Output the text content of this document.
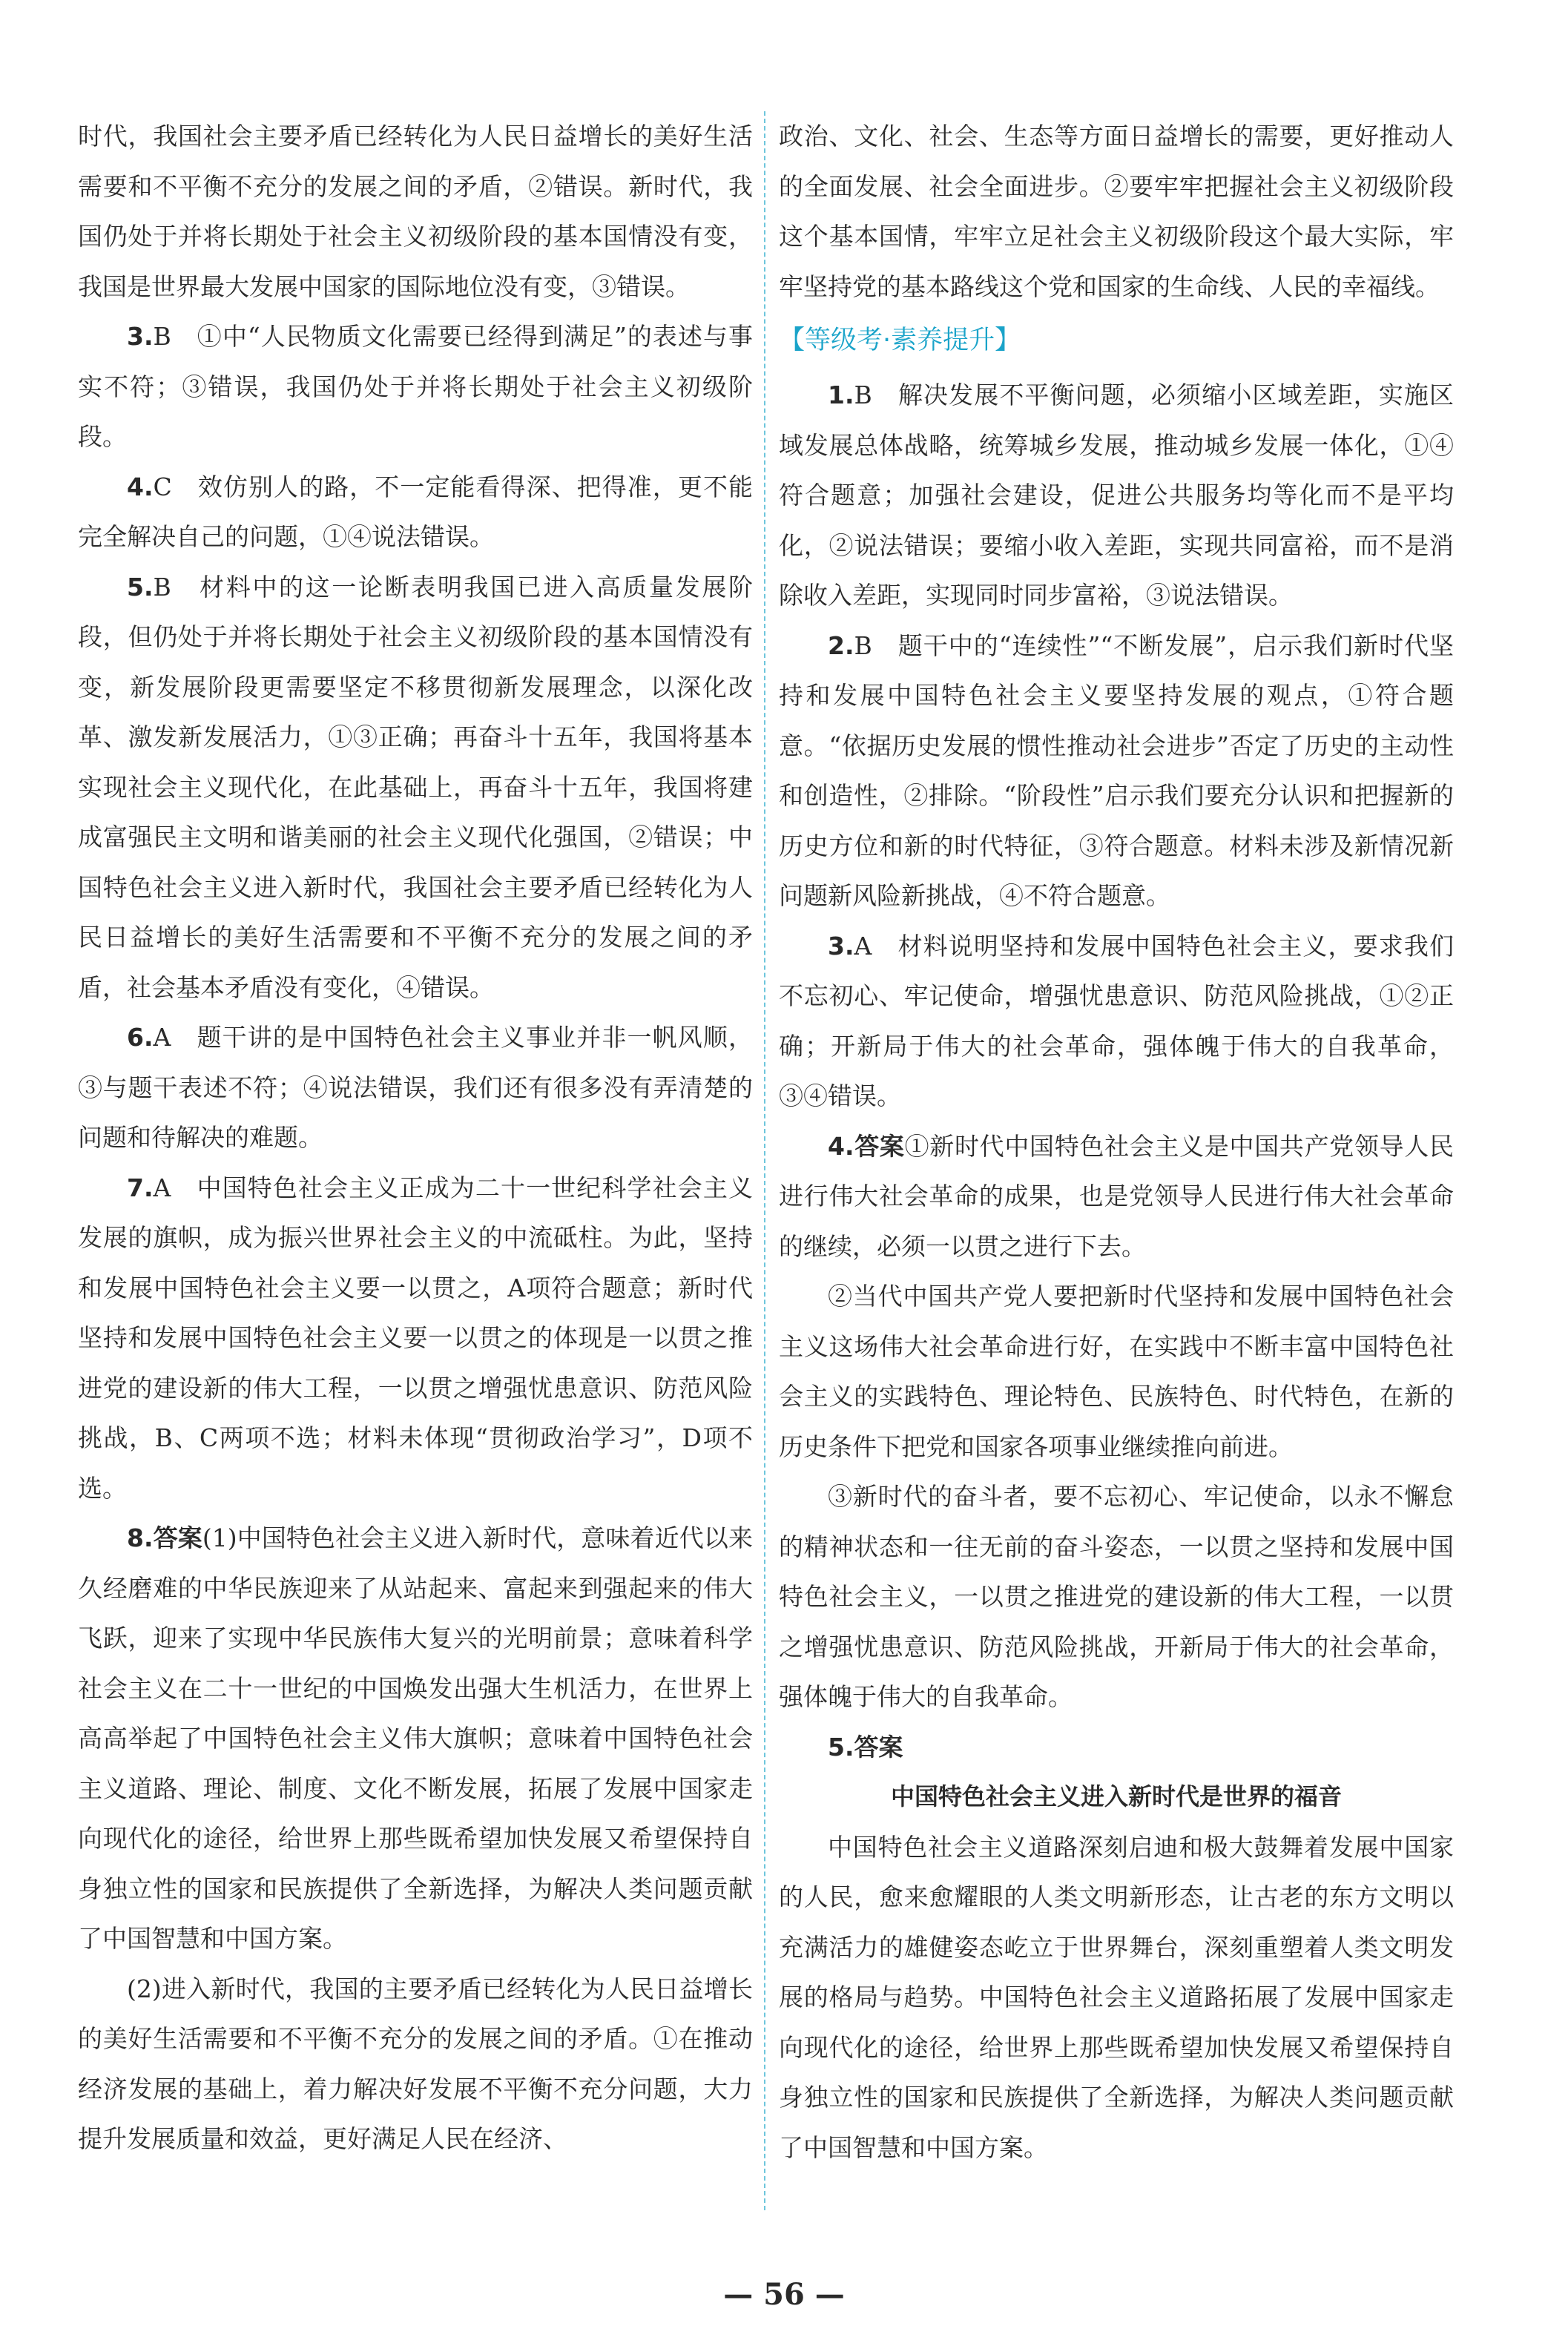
时代，我国社会主要矛盾已经转化为人民日益增长的美好生活需要和不平衡不充分的发展之间的矛盾，②错误。新时代，我国仍处于并将长期处于社会主义初级阶段的基本国情没有变，我国是世界最大发展中国家的国际地位没有变，③错误。

3.B　①中“人民物质文化需要已经得到满足”的表述与事实不符；③错误，我国仍处于并将长期处于社会主义初级阶段。

4.C　效仿别人的路，不一定能看得深、把得准，更不能完全解决自己的问题，①④说法错误。

5.B　材料中的这一论断表明我国已进入高质量发展阶段，但仍处于并将长期处于社会主义初级阶段的基本国情没有变，新发展阶段更需要坚定不移贯彻新发展理念，以深化改革、激发新发展活力，①③正确；再奋斗十五年，我国将基本实现社会主义现代化，在此基础上，再奋斗十五年，我国将建成富强民主文明和谐美丽的社会主义现代化强国，②错误；中国特色社会主义进入新时代，我国社会主要矛盾已经转化为人民日益增长的美好生活需要和不平衡不充分的发展之间的矛盾，社会基本矛盾没有变化，④错误。

6.A　题干讲的是中国特色社会主义事业并非一帆风顺，③与题干表述不符；④说法错误，我们还有很多没有弄清楚的问题和待解决的难题。

7.A　中国特色社会主义正成为二十一世纪科学社会主义发展的旗帜，成为振兴世界社会主义的中流砥柱。为此，坚持和发展中国特色社会主义要一以贯之，A项符合题意；新时代坚持和发展中国特色社会主义要一以贯之的体现是一以贯之推进党的建设新的伟大工程，一以贯之增强忧患意识、防范风险挑战，B、C两项不选；材料未体现“贯彻政治学习”，D项不选。

8.答案(1)中国特色社会主义进入新时代，意味着近代以来久经磨难的中华民族迎来了从站起来、富起来到强起来的伟大飞跃，迎来了实现中华民族伟大复兴的光明前景；意味着科学社会主义在二十一世纪的中国焕发出强大生机活力，在世界上高高举起了中国特色社会主义伟大旗帜；意味着中国特色社会主义道路、理论、制度、文化不断发展，拓展了发展中国家走向现代化的途径，给世界上那些既希望加快发展又希望保持自身独立性的国家和民族提供了全新选择，为解决人类问题贡献了中国智慧和中国方案。

(2)进入新时代，我国的主要矛盾已经转化为人民日益增长的美好生活需要和不平衡不充分的发展之间的矛盾。①在推动经济发展的基础上，着力解决好发展不平衡不充分问题，大力提升发展质量和效益，更好满足人民在经济、

政治、文化、社会、生态等方面日益增长的需要，更好推动人的全面发展、社会全面进步。②要牢牢把握社会主义初级阶段这个基本国情，牢牢立足社会主义初级阶段这个最大实际，牢牢坚持党的基本路线这个党和国家的生命线、人民的幸福线。

【等级考·素养提升】

1.B　解决发展不平衡问题，必须缩小区域差距，实施区域发展总体战略，统筹城乡发展，推动城乡发展一体化，①④符合题意；加强社会建设，促进公共服务均等化而不是平均化，②说法错误；要缩小收入差距，实现共同富裕，而不是消除收入差距，实现同时同步富裕，③说法错误。

2.B　题干中的“连续性”“不断发展”，启示我们新时代坚持和发展中国特色社会主义要坚持发展的观点，①符合题意。“依据历史发展的惯性推动社会进步”否定了历史的主动性和创造性，②排除。“阶段性”启示我们要充分认识和把握新的历史方位和新的时代特征，③符合题意。材料未涉及新情况新问题新风险新挑战，④不符合题意。

3.A　材料说明坚持和发展中国特色社会主义，要求我们不忘初心、牢记使命，增强忧患意识、防范风险挑战，①②正确；开新局于伟大的社会革命，强体魄于伟大的自我革命，③④错误。

4.答案①新时代中国特色社会主义是中国共产党领导人民进行伟大社会革命的成果，也是党领导人民进行伟大社会革命的继续，必须一以贯之进行下去。

②当代中国共产党人要把新时代坚持和发展中国特色社会主义这场伟大社会革命进行好，在实践中不断丰富中国特色社会主义的实践特色、理论特色、民族特色、时代特色，在新的历史条件下把党和国家各项事业继续推向前进。

③新时代的奋斗者，要不忘初心、牢记使命，以永不懈怠的精神状态和一往无前的奋斗姿态，一以贯之坚持和发展中国特色社会主义，一以贯之推进党的建设新的伟大工程，一以贯之增强忧患意识、防范风险挑战，开新局于伟大的社会革命，强体魄于伟大的自我革命。

5.答案

中国特色社会主义进入新时代是世界的福音

中国特色社会主义道路深刻启迪和极大鼓舞着发展中国家的人民，愈来愈耀眼的人类文明新形态，让古老的东方文明以充满活力的雄健姿态屹立于世界舞台，深刻重塑着人类文明发展的格局与趋势。中国特色社会主义道路拓展了发展中国家走向现代化的途径，给世界上那些既希望加快发展又希望保持自身独立性的国家和民族提供了全新选择，为解决人类问题贡献了中国智慧和中国方案。

— 56 —
